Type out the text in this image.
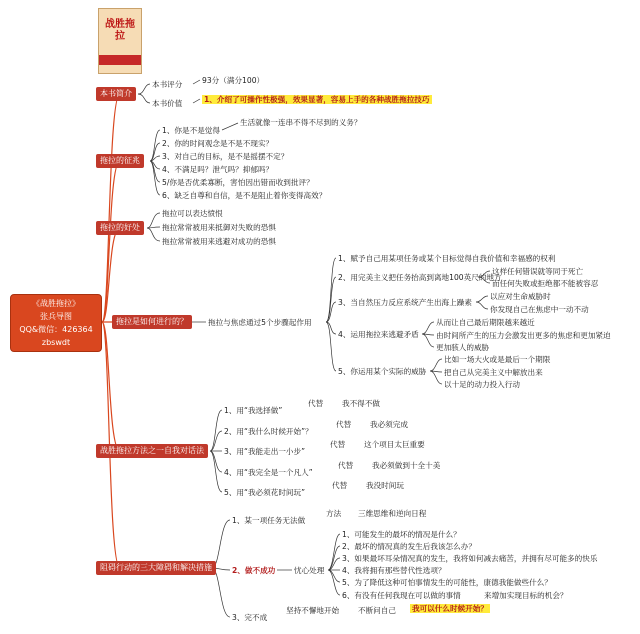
战胜拖拉
《战胜拖拉》
张兵导图
QQ&微信：426364
zbswdt
本书简介
本书评分	93分（满分100）
本书价值	1、介绍了可操作性极强，效果显著，容易上手的各种战胜拖拉技巧
拖拉的征兆
1、你是不是觉得
生活就像一连串不得不尽到的义务？
2、你的时间观念是不是不现实？
3、对自己的目标，是不是摇摆不定？
4、不满足吗？泄气吗？抑郁吗？
5/你是否优柔寡断，害怕因出错而收到批评？
6、缺乏自尊和自信，是不是阻止着你变得高效？
拖拉的好处
拖拉可以表达愤恨
拖拉常常被用来抵御对失败的恐惧
拖拉常常被用来逃避对成功的恐惧
拖拉是如何进行的？	拖拉与焦虑通过5个步骤起作用
1、赋予自己用某项任务或某个目标觉得自我价值和幸福感的权利
2、用完美主义把任务抬高到离地100英尺的地方
这样任何错误就等同于死亡
而任何失败或拒绝都不能被容忍
3、当自然压力反应系统产生出海上躁素
以应对生命威胁时
你发现自己在焦虑中一动不动
4、运用拖拉来逃避矛盾
从而让自己最后期限越来越近
由时间所产生的压力会激发出更多的焦虑和更加紧迫
更加骇人的威胁
5、你运用某个实际的威胁
比如一场大火或是最后一个期限
把自己从完美主义中解放出来
以十足的动力投入行动
战胜拖拉方法之一自我对话法
1、用“我选择做”
代替 我不得不做
2、用“我什么时候开始”？
代替 我必须完成
3、用“我能走出一小步”
代替 这个项目太巨重要
4、用“我完全是一个凡人”
代替 我必须做到十全十美
5、用“我必须花时间玩”
代替 我没时间玩
阻碍行动的三大障碍和解决措施
1、某一项任务无法做
方法 三维思维和逆向日程
2、做不成功 忧心处理
1、可能发生的最坏的情况是什么？
2、最坏的情况真的发生后我该怎么办？
3、如果最坏耳朵情况真的发生，我将如何减去痛苦，并拥有尽可能多的快乐
4、我将拥有那些替代性选项？
5、为了降低这种可怕事情发生的可能性，康德我能做些什么？
6、有没有任何我现在可以做的事情	来增加实现目标的机会？
3、完不成
坚持不懈地开始 不断问自己 我可以什么时候开始？
